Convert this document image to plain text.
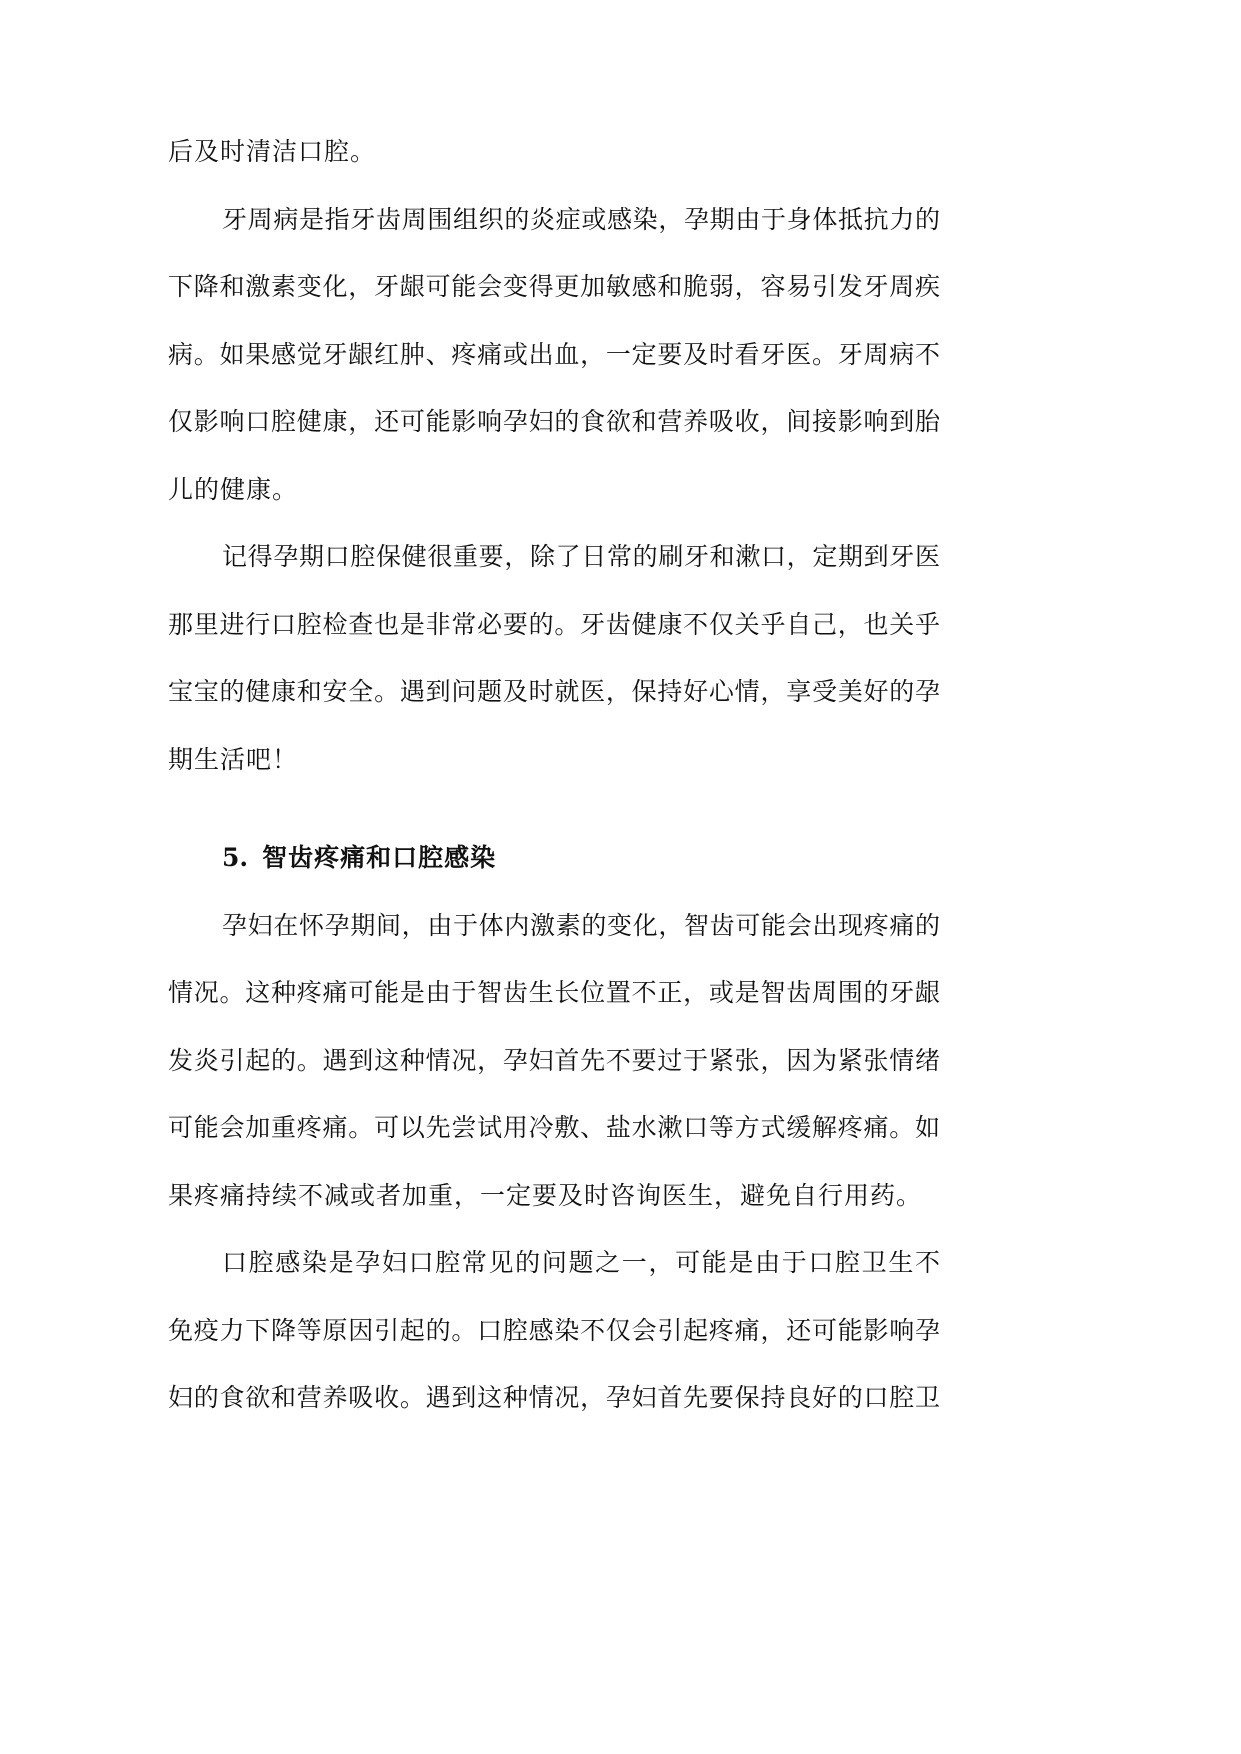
后及时清洁口腔。
牙周病是指牙齿周围组织的炎症或感染，孕期由于身体抵抗力的
下降和激素变化，牙龈可能会变得更加敏感和脆弱，容易引发牙周疾
病。如果感觉牙龈红肿、疼痛或出血，一定要及时看牙医。牙周病不
仅影响口腔健康，还可能影响孕妇的食欲和营养吸收，间接影响到胎
儿的健康。
记得孕期口腔保健很重要，除了日常的刷牙和漱口，定期到牙医
那里进行口腔检查也是非常必要的。牙齿健康不仅关乎自己，也关乎
宝宝的健康和安全。遇到问题及时就医，保持好心情，享受美好的孕
期生活吧！
5. 智齿疼痛和口腔感染
孕妇在怀孕期间，由于体内激素的变化，智齿可能会出现疼痛的
情况。这种疼痛可能是由于智齿生长位置不正，或是智齿周围的牙龈
发炎引起的。遇到这种情况，孕妇首先不要过于紧张，因为紧张情绪
可能会加重疼痛。可以先尝试用冷敷、盐水漱口等方式缓解疼痛。如
果疼痛持续不减或者加重，一定要及时咨询医生，避免自行用药。
口腔感染是孕妇口腔常见的问题之一，可能是由于口腔卫生不
免疫力下降等原因引起的。口腔感染不仅会引起疼痛，还可能影响孕
妇的食欲和营养吸收。遇到这种情况，孕妇首先要保持良好的口腔卫
